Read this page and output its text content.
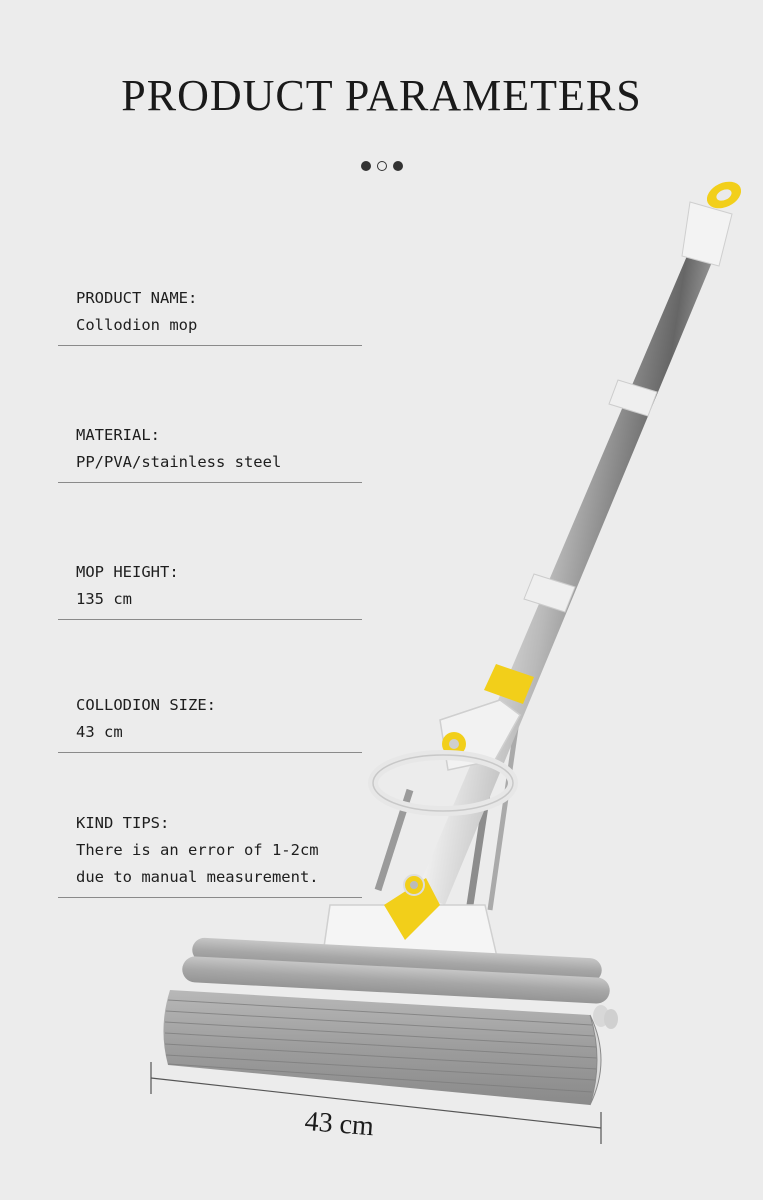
PRODUCT PARAMETERS
PRODUCT NAME:
Collodion mop
MATERIAL:
PP/PVA/stainless steel
MOP HEIGHT:
135 cm
COLLODION SIZE:
43 cm
KIND TIPS:
There is an error of 1-2cm
due to manual measurement.
43 cm
